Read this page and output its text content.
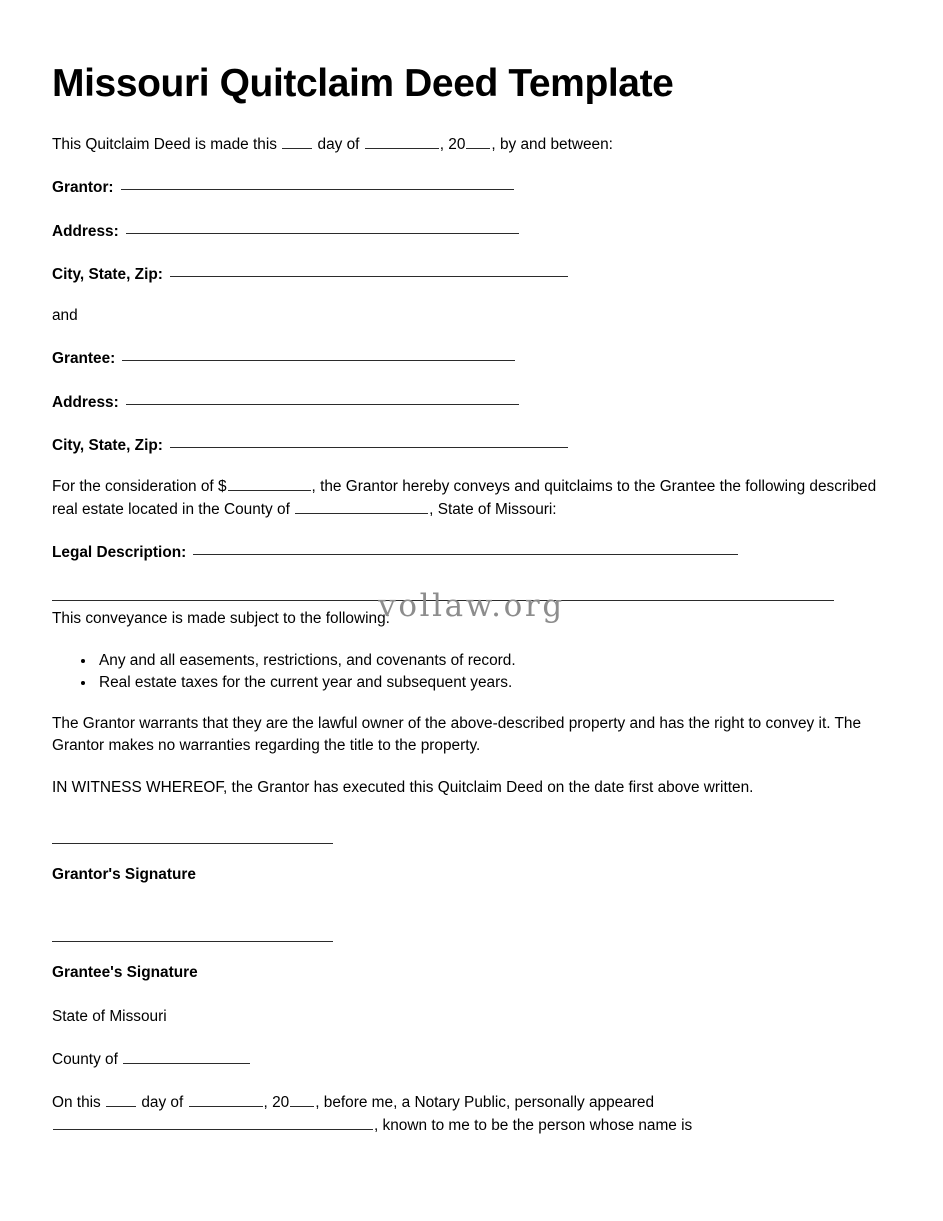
vollaw.org
Missouri Quitclaim Deed Template

This Quitclaim Deed is made this	day of	, 20 , by and between:

Grantor:
Address:
City, State, Zip:

and

Grantee:
Address:
City, State, Zip:

For the consideration of $	, the Grantor hereby conveys and quitclaims to the Grantee the following described real estate located in the County of	, State of Missouri:

Legal Description:

This conveyance is made subject to the following:

• Any and all easements, restrictions, and covenants of record.
• Real estate taxes for the current year and subsequent years.

The Grantor warrants that they are the lawful owner of the above-described property and has the right to convey it. The Grantor makes no warranties regarding the title to the property.

IN WITNESS WHEREOF, the Grantor has executed this Quitclaim Deed on the date first above written.

Grantor's Signature
Grantee's Signature

State of Missouri

County of

On this	day of	, 20 , before me, a Notary Public, personally appeared , known to me to be the person whose name is
